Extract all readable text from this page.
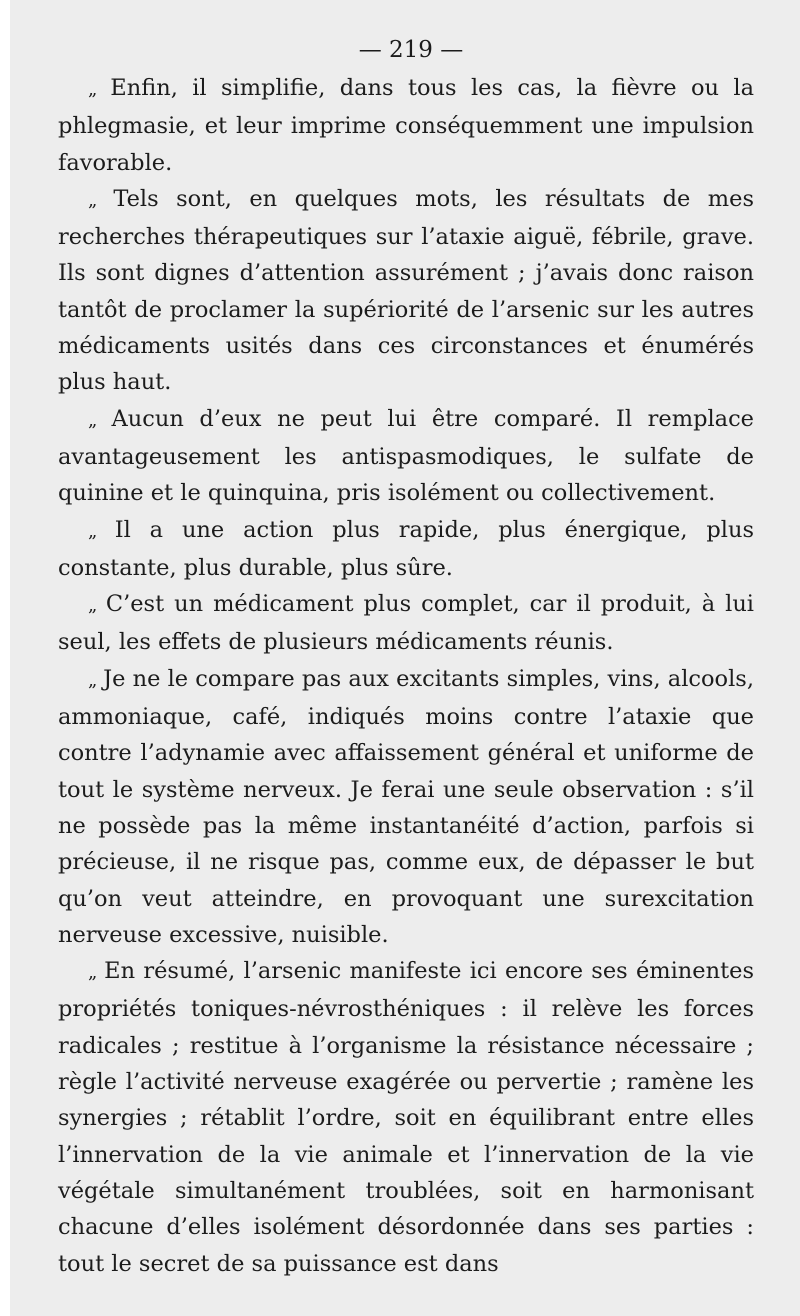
— 219 —

„ Enfin, il simplifie, dans tous les cas, la fièvre ou la phlegmasie, et leur imprime conséquemment une impulsion favorable.

„ Tels sont, en quelques mots, les résultats de mes recherches thérapeutiques sur l’ataxie aiguë, fébrile, grave. Ils sont dignes d’attention assurément ; j’avais donc raison tantôt de proclamer la supériorité de l’arsenic sur les autres médicaments usités dans ces circonstances et énumérés plus haut.

„ Aucun d’eux ne peut lui être comparé. Il remplace avantageusement les antispasmodiques, le sulfate de quinine et le quinquina, pris isolément ou collectivement.

„ Il a une action plus rapide, plus énergique, plus constante, plus durable, plus sûre.

„ C’est un médicament plus complet, car il produit, à lui seul, les effets de plusieurs médicaments réunis.

„ Je ne le compare pas aux excitants simples, vins, alcools, ammoniaque, café, indiqués moins contre l’ataxie que contre l’adynamie avec affaissement général et uniforme de tout le système nerveux. Je ferai une seule observation : s’il ne possède pas la même instantanéité d’action, parfois si précieuse, il ne risque pas, comme eux, de dépasser le but qu’on veut atteindre, en provoquant une surexcitation nerveuse excessive, nuisible.

„ En résumé, l’arsenic manifeste ici encore ses éminentes propriétés toniques-névrosthéniques : il relève les forces radicales ; restitue à l’organisme la résistance nécessaire ; règle l’activité nerveuse exagérée ou pervertie ; ramène les synergies ; rétablit l’ordre, soit en équilibrant entre elles l’innervation de la vie animale et l’innervation de la vie végétale simultanément troublées, soit en harmonisant chacune d’elles isolément désordonnée dans ses parties : tout le secret de sa puissance est dans
